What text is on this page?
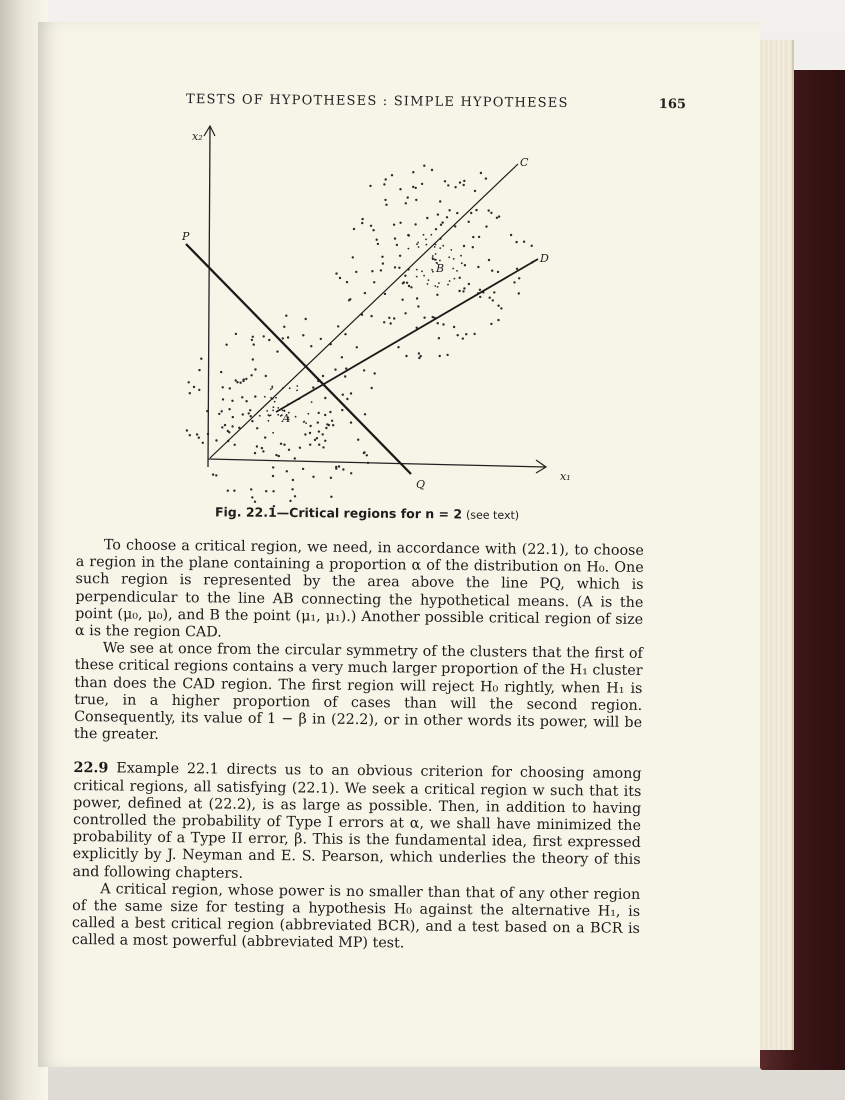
TESTS OF HYPOTHESES : SIMPLE HYPOTHESES	165
x₂
x₁
P
Q
C
D
A
B
Fig. 22.1—Critical regions for n = 2 (see text)

To choose a critical region, we need, in accordance with (22.1), to choose a region in the plane containing a proportion α of the distribution on H₀. One such region is represented by the area above the line PQ, which is perpendicular to the line AB connecting the hypothetical means. (A is the point (μ₀, μ₀), and B the point (μ₁, μ₁).) Another possible critical region of size α is the region CAD.

We see at once from the circular symmetry of the clusters that the first of these critical regions contains a very much larger proportion of the H₁ cluster than does the CAD region. The first region will reject H₀ rightly, when H₁ is true, in a higher proportion of cases than will the second region. Consequently, its value of 1 − β in (22.2), or in other words its power, will be the greater.

22.9 Example 22.1 directs us to an obvious criterion for choosing among critical regions, all satisfying (22.1). We seek a critical region w such that its power, defined at (22.2), is as large as possible. Then, in addition to having controlled the probability of Type I errors at α, we shall have minimized the probability of a Type II error, β. This is the fundamental idea, first expressed explicitly by J. Neyman and E. S. Pearson, which underlies the theory of this and following chapters.

A critical region, whose power is no smaller than that of any other region of the same size for testing a hypothesis H₀ against the alternative H₁, is called a best critical region (abbreviated BCR), and a test based on a BCR is called a most powerful (abbreviated MP) test.
